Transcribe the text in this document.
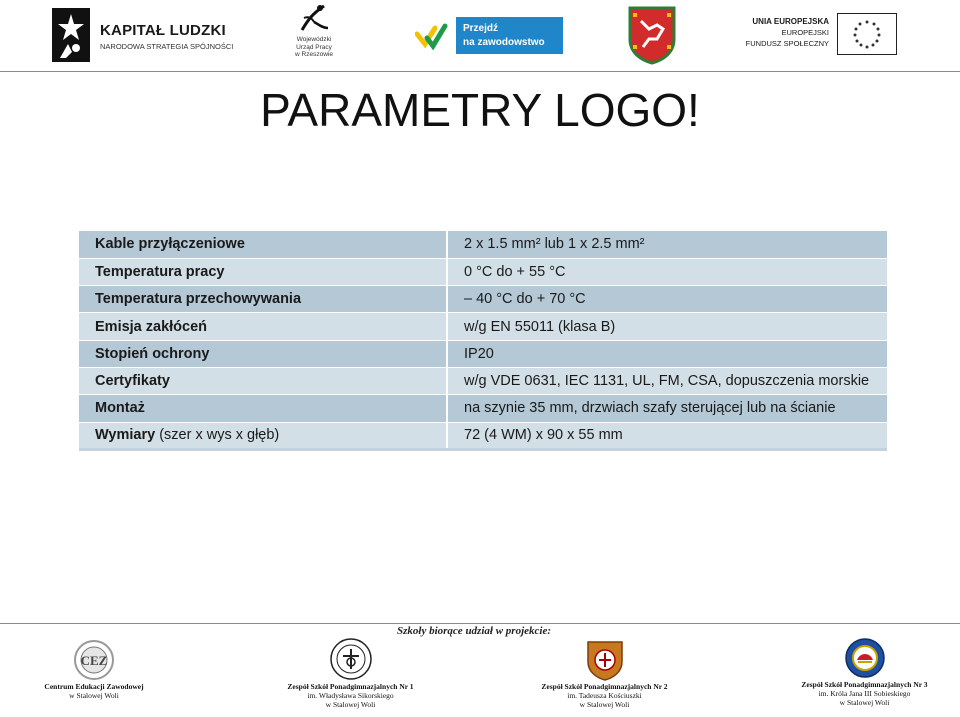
KAPITAŁ LUDZKI
NARODOWA STRATEGIA SPÓJNOŚCI
Wojewódzki
Urząd Pracy
w Rzeszowie
Przejdź
na zawodowstwo
UNIA EUROPEJSKA
EUROPEJSKI
FUNDUSZ SPOŁECZNY
PARAMETRY LOGO!
Kable przyłączeniowe	2 x 1.5 mm² lub 1 x 2.5 mm²
Temperatura pracy	0 °C do + 55 °C
Temperatura przechowywania	– 40 °C do + 70 °C
Emisja zakłóceń	w/g EN 55011 (klasa B)
Stopień ochrony	IP20
Certyfikaty	w/g VDE 0631, IEC 1131, UL, FM, CSA, dopuszczenia morskie
Montaż	na szynie 35 mm, drzwiach szafy sterującej lub na ścianie
Wymiary (szer x wys x głęb)	72 (4 WM) x 90 x 55 mm
Szkoły biorące udział w projekcie:
CEZ
Centrum Edukacji Zawodowej
w Stalowej Woli
Zespół Szkół Ponadgimnazjalnych Nr 1
im. Władysława Sikorskiego
w Stalowej Woli
Zespół Szkół Ponadgimnazjalnych Nr 2
im. Tadeusza Kościuszki
w Stalowej Woli
Zespół Szkół Ponadgimnazjalnych Nr 3
im. Króla Jana III Sobieskiego
w Stalowej Woli
